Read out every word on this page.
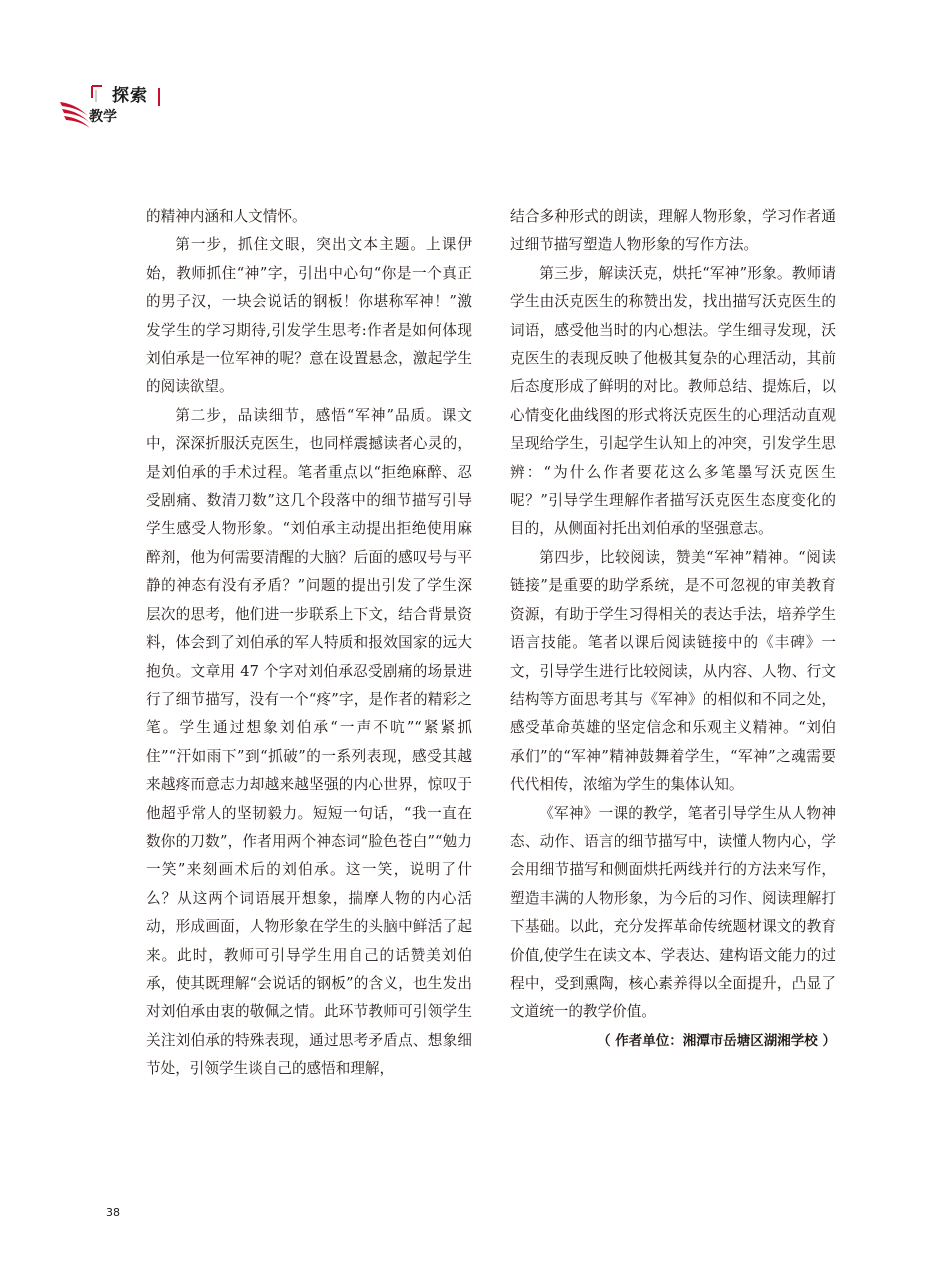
探索
教学

的精神内涵和人文情怀。

第一步，抓住文眼，突出文本主题。上课伊始，教师抓住“神”字，引出中心句“你是一个真正的男子汉，一块会说话的钢板！你堪称军神！”激发学生的学习期待,引发学生思考:作者是如何体现刘伯承是一位军神的呢？意在设置悬念，激起学生的阅读欲望。

第二步，品读细节，感悟“军神”品质。课文中，深深折服沃克医生，也同样震撼读者心灵的，是刘伯承的手术过程。笔者重点以“拒绝麻醉、忍受剧痛、数清刀数”这几个段落中的细节描写引导学生感受人物形象。“刘伯承主动提出拒绝使用麻醉剂，他为何需要清醒的大脑？后面的感叹号与平静的神态有没有矛盾？”问题的提出引发了学生深层次的思考，他们进一步联系上下文，结合背景资料，体会到了刘伯承的军人特质和报效国家的远大抱负。文章用 47 个字对刘伯承忍受剧痛的场景进行了细节描写，没有一个“疼”字，是作者的精彩之笔。学生通过想象刘伯承“一声不吭”“紧紧抓住”“汗如雨下”到“抓破”的一系列表现，感受其越来越疼而意志力却越来越坚强的内心世界，惊叹于他超乎常人的坚韧毅力。短短一句话，“我一直在数你的刀数”，作者用两个神态词“脸色苍白”“勉力一笑”来刻画术后的刘伯承。这一笑，说明了什么？从这两个词语展开想象，揣摩人物的内心活动，形成画面，人物形象在学生的头脑中鲜活了起来。此时，教师可引导学生用自己的话赞美刘伯承，使其既理解“会说话的钢板”的含义，也生发出对刘伯承由衷的敬佩之情。此环节教师可引领学生关注刘伯承的特殊表现，通过思考矛盾点、想象细节处，引领学生谈自己的感悟和理解，

结合多种形式的朗读，理解人物形象，学习作者通过细节描写塑造人物形象的写作方法。

第三步，解读沃克，烘托“军神”形象。教师请学生由沃克医生的称赞出发，找出描写沃克医生的词语，感受他当时的内心想法。学生细寻发现，沃克医生的表现反映了他极其复杂的心理活动，其前后态度形成了鲜明的对比。教师总结、提炼后，以心情变化曲线图的形式将沃克医生的心理活动直观呈现给学生，引起学生认知上的冲突，引发学生思辨：“为什么作者要花这么多笔墨写沃克医生呢？”引导学生理解作者描写沃克医生态度变化的目的，从侧面衬托出刘伯承的坚强意志。

第四步，比较阅读，赞美“军神”精神。“阅读链接”是重要的助学系统，是不可忽视的审美教育资源，有助于学生习得相关的表达手法，培养学生语言技能。笔者以课后阅读链接中的《丰碑》一文，引导学生进行比较阅读，从内容、人物、行文结构等方面思考其与《军神》的相似和不同之处，感受革命英雄的坚定信念和乐观主义精神。“刘伯承们”的“军神”精神鼓舞着学生，“军神”之魂需要代代相传，浓缩为学生的集体认知。

《军神》一课的教学，笔者引导学生从人物神态、动作、语言的细节描写中，读懂人物内心，学会用细节描写和侧面烘托两线并行的方法来写作，塑造丰满的人物形象，为今后的习作、阅读理解打下基础。以此，充分发挥革命传统题材课文的教育价值,使学生在读文本、学表达、建构语文能力的过程中，受到熏陶，核心素养得以全面提升，凸显了文道统一的教学价值。

（ 作者单位：湘潭市岳塘区湖湘学校 ）

38
